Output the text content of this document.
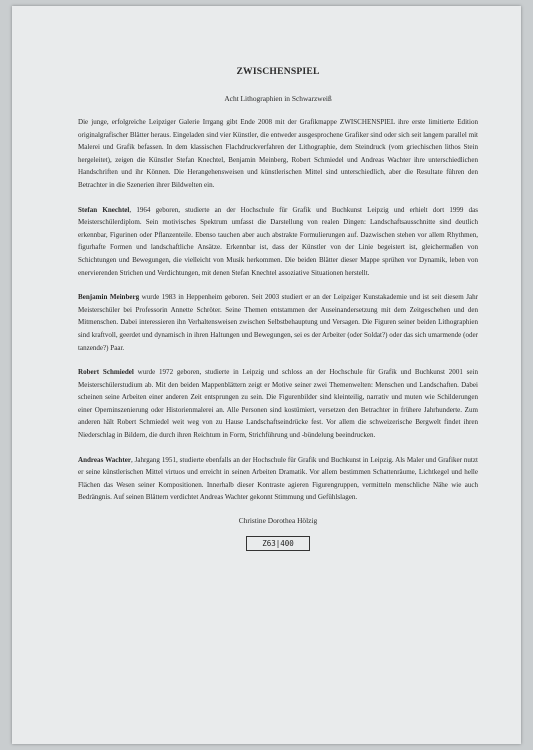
ZWISCHENSPIEL

Acht Lithographien in Schwarzweiß

Die junge, erfolgreiche Leipziger Galerie Irrgang gibt Ende 2008 mit der Grafikmappe ZWISCHENSPIEL ihre erste limitierte Edition originalgrafischer Blätter heraus. Eingeladen sind vier Künstler, die entweder ausgesprochene Grafiker sind oder sich seit langem parallel mit Malerei und Grafik befassen. In dem klassischen Flachdruckverfahren der Lithographie, dem Steindruck (vom griechischen lithos Stein hergeleitet), zeigen die Künstler Stefan Knechtel, Benjamin Meinberg, Robert Schmiedel und Andreas Wachter ihre unterschiedlichen Handschriften und ihr Können. Die Herangehensweisen und künstlerischen Mittel sind unterschiedlich, aber die Resultate führen den Betrachter in die Szenerien ihrer Bildwelten ein.

Stefan Knechtel, 1964 geboren, studierte an der Hochschule für Grafik und Buchkunst Leipzig und erhielt dort 1999 das Meisterschülerdiplom. Sein motivisches Spektrum umfasst die Darstellung von realen Dingen: Landschaftsausschnitte sind deutlich erkennbar, Figurinen oder Pflanzenteile. Ebenso tauchen aber auch abstrakte Formulierungen auf. Dazwischen stehen vor allem Rhythmen, figurhafte Formen und landschaftliche Ansätze. Erkennbar ist, dass der Künstler von der Linie begeistert ist, gleichermaßen von Schichtungen und Bewegungen, die vielleicht von Musik herkommen. Die beiden Blätter dieser Mappe sprühen vor Dynamik, leben von enervierenden Strichen und Verdichtungen, mit denen Stefan Knechtel assoziative Situationen herstellt.

Benjamin Meinberg wurde 1983 in Heppenheim geboren. Seit 2003 studiert er an der Leipziger Kunstakademie und ist seit diesem Jahr Meisterschüler bei Professorin Annette Schröter. Seine Themen entstammen der Auseinandersetzung mit dem Zeitgeschehen und den Mitmenschen. Dabei interessieren ihn Verhaltensweisen zwischen Selbstbehauptung und Versagen. Die Figuren seiner beiden Lithographien sind kraftvoll, geerdet und dynamisch in ihren Haltungen und Bewegungen, sei es der Arbeiter (oder Soldat?) oder das sich umarmende (oder tanzende?) Paar.

Robert Schmiedel wurde 1972 geboren, studierte in Leipzig und schloss an der Hochschule für Grafik und Buchkunst 2001 sein Meisterschülerstudium ab. Mit den beiden Mappenblättern zeigt er Motive seiner zwei Themenwelten: Menschen und Landschaften. Dabei scheinen seine Arbeiten einer anderen Zeit entsprungen zu sein. Die Figurenbilder sind kleinteilig, narrativ und muten wie Schilderungen einer Operninszenierung oder Historienmalerei an. Alle Personen sind kostümiert, versetzen den Betrachter in frühere Jahrhunderte. Zum anderen hält Robert Schmiedel weit weg von zu Hause Landschaftseindrücke fest. Vor allem die schweizerische Bergwelt findet ihren Niederschlag in Bildern, die durch ihren Reichtum in Form, Strichführung und -bündelung beeindrucken.

Andreas Wachter, Jahrgang 1951, studierte ebenfalls an der Hochschule für Grafik und Buchkunst in Leipzig. Als Maler und Grafiker nutzt er seine künstlerischen Mittel virtuos und erreicht in seinen Arbeiten Dramatik. Vor allem bestimmen Schattenräume, Lichtkegel und helle Flächen das Wesen seiner Kompositionen. Innerhalb dieser Kontraste agieren Figurengruppen, vermitteln menschliche Nähe wie auch Bedrängnis. Auf seinen Blättern verdichtet Andreas Wachter gekonnt Stimmung und Gefühlslagen.

Christine Dorothea Hölzig

Z63|400
